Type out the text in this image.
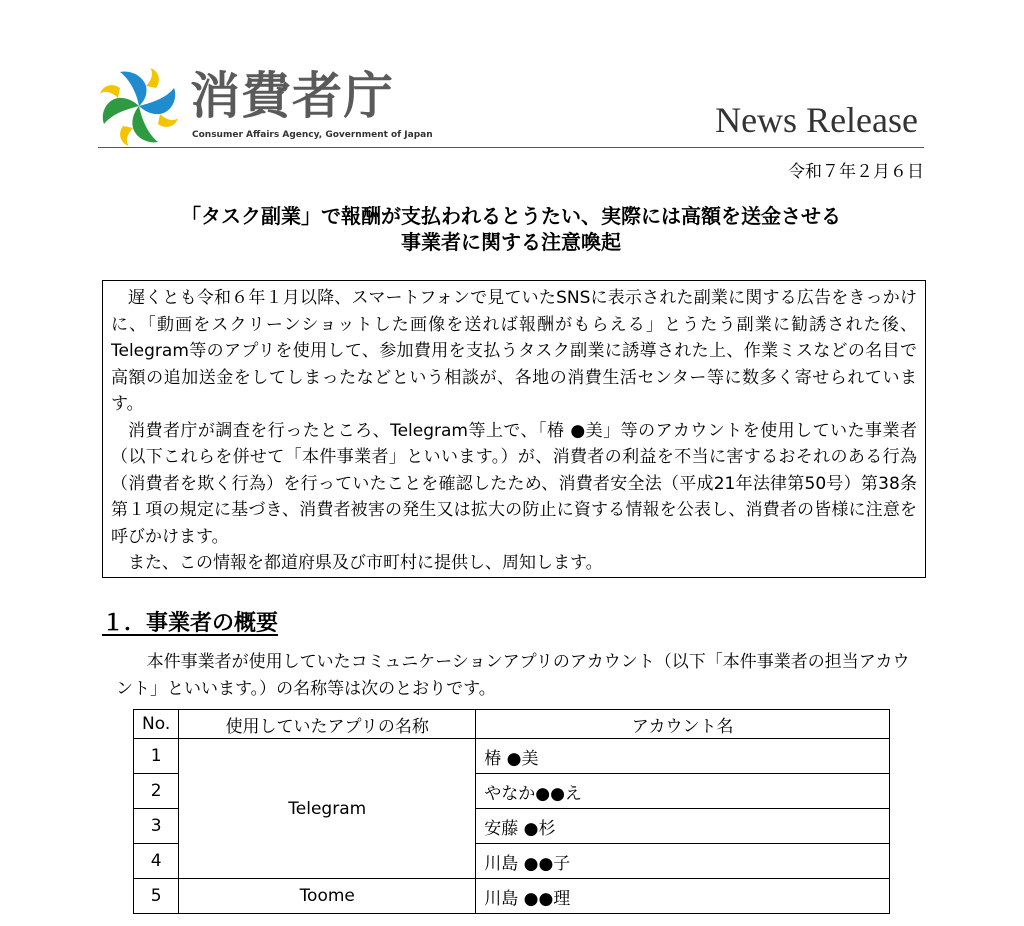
消費者庁
Consumer Affairs Agency, Government of Japan	News Release
令和７年２月６日
「タスク副業」で報酬が支払われるとうたい、実際には高額を送金させる
事業者に関する注意喚起

遅くとも令和６年１月以降、スマートフォンで見ていたSNSに表示された副業に関する広告をきっかけに、「動画をスクリーンショットした画像を送れば報酬がもらえる」とうたう副業に勧誘された後、Telegram等のアプリを使用して、参加費用を支払うタスク副業に誘導された上、作業ミスなどの名目で高額の追加送金をしてしまったなどという相談が、各地の消費生活センター等に数多く寄せられています。

消費者庁が調査を行ったところ、Telegram等上で、「椿 ●美」等のアカウントを使用していた事業者（以下これらを併せて「本件事業者」といいます。）が、消費者の利益を不当に害するおそれのある行為（消費者を欺く行為）を行っていたことを確認したため、消費者安全法（平成21年法律第50号）第38条第１項の規定に基づき、消費者被害の発生又は拡大の防止に資する情報を公表し、消費者の皆様に注意を呼びかけます。

また、この情報を都道府県及び市町村に提供し、周知します。

１．事業者の概要
本件事業者が使用していたコミュニケーションアプリのアカウント（以下「本件事業者の担当アカウント」といいます。）の名称等は次のとおりです。
No.	使用していたアプリの名称	アカウント名
1	Telegram	椿 ●美
2		やなか●●え
3		安藤 ●杉
4		川島 ●●子
5	Toome	川島 ●●理
